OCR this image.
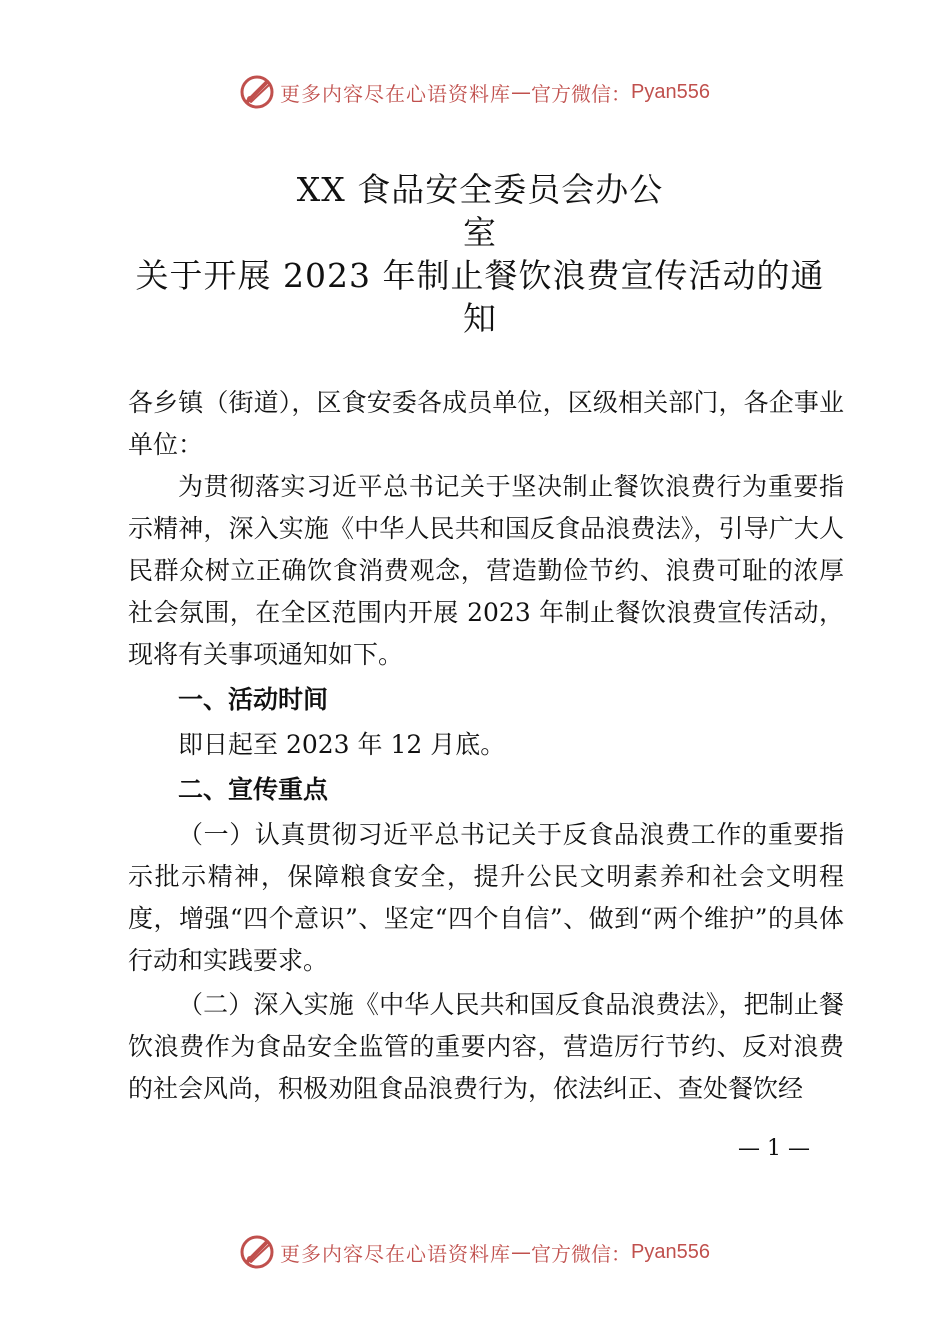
更多内容尽在心语资料库 — 官方微信： Pyan556
XX 食品安全委员会办公
室
关于开展 2023 年制止餐饮浪费宣传活动的通
知

各乡镇（街道），区食安委各成员单位，区级相关部门，各企事业单位：

为贯彻落实习近平总书记关于坚决制止餐饮浪费行为重要指示精神，深入实施《中华人民共和国反食品浪费法》，引导广大人民群众树立正确饮食消费观念，营造勤俭节约、浪费可耻的浓厚社会氛围，在全区范围内开展 2023 年制止餐饮浪费宣传活动，现将有关事项通知如下。

一、活动时间

即日起至 2023 年 12 月底。

二、宣传重点

（一）认真贯彻习近平总书记关于反食品浪费工作的重要指示批示精神，保障粮食安全，提升公民文明素养和社会文明程度，增强“四个意识”、坚定“四个自信”、做到“两个维护”的具体行动和实践要求。

（二）深入实施《中华人民共和国反食品浪费法》，把制止餐饮浪费作为食品安全监管的重要内容，营造厉行节约、反对浪费的社会风尚，积极劝阻食品浪费行为，依法纠正、查处餐饮经

— 1 —
更多内容尽在心语资料库 — 官方微信： Pyan556
